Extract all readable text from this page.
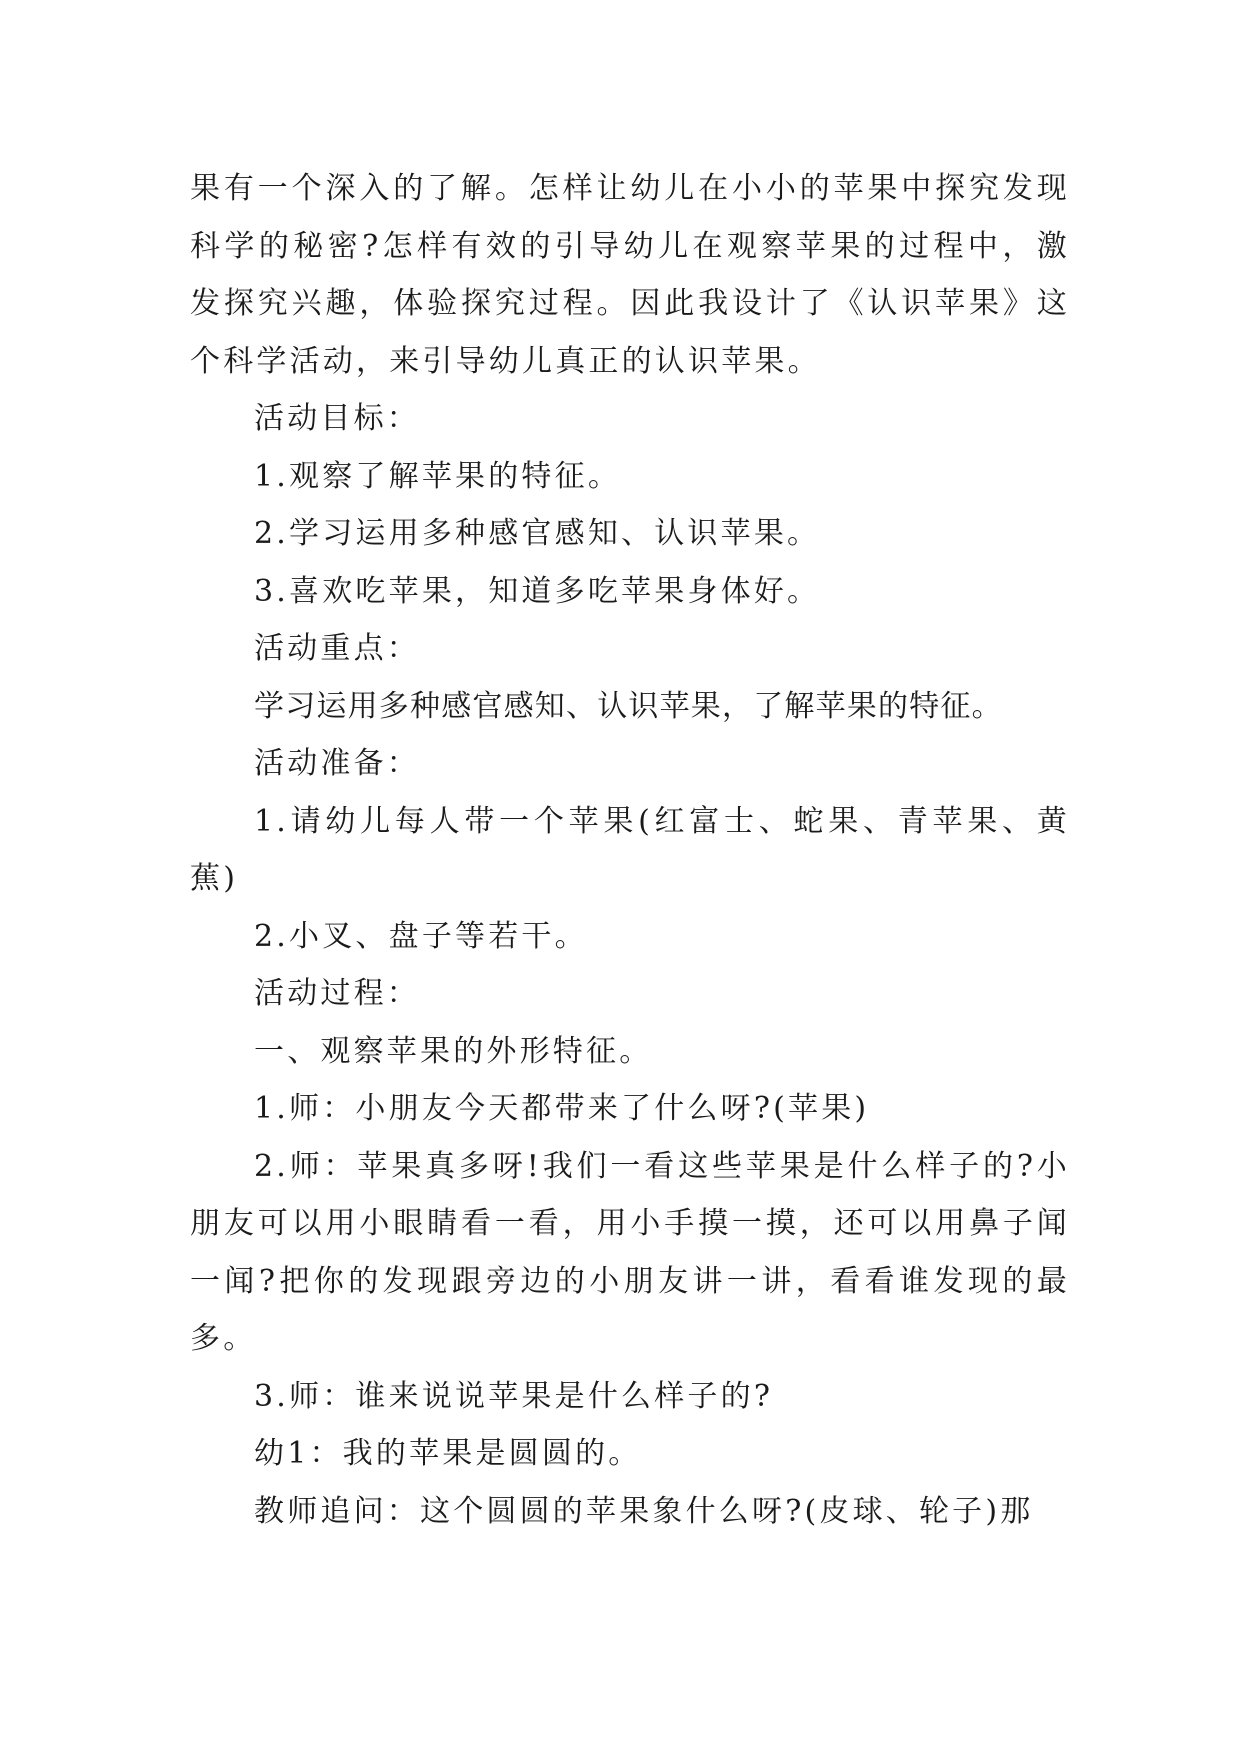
果有一个深入的了解。怎样让幼儿在小小的苹果中探究发现科学的秘密?怎样有效的引导幼儿在观察苹果的过程中，激发探究兴趣，体验探究过程。因此我设计了《认识苹果》这个科学活动，来引导幼儿真正的认识苹果。

活动目标：

1.观察了解苹果的特征。

2.学习运用多种感官感知、认识苹果。

3.喜欢吃苹果，知道多吃苹果身体好。

活动重点：

学习运用多种感官感知、认识苹果，了解苹果的特征。

活动准备：

1.请幼儿每人带一个苹果(红富士、蛇果、青苹果、黄蕉)

2.小叉、盘子等若干。

活动过程：

一、观察苹果的外形特征。

1.师：小朋友今天都带来了什么呀?(苹果)

2.师：苹果真多呀!我们一看这些苹果是什么样子的?小朋友可以用小眼睛看一看，用小手摸一摸，还可以用鼻子闻一闻?把你的发现跟旁边的小朋友讲一讲，看看谁发现的最多。

3.师：谁来说说苹果是什么样子的?

幼1：我的苹果是圆圆的。

教师追问：这个圆圆的苹果象什么呀?(皮球、轮子)那
